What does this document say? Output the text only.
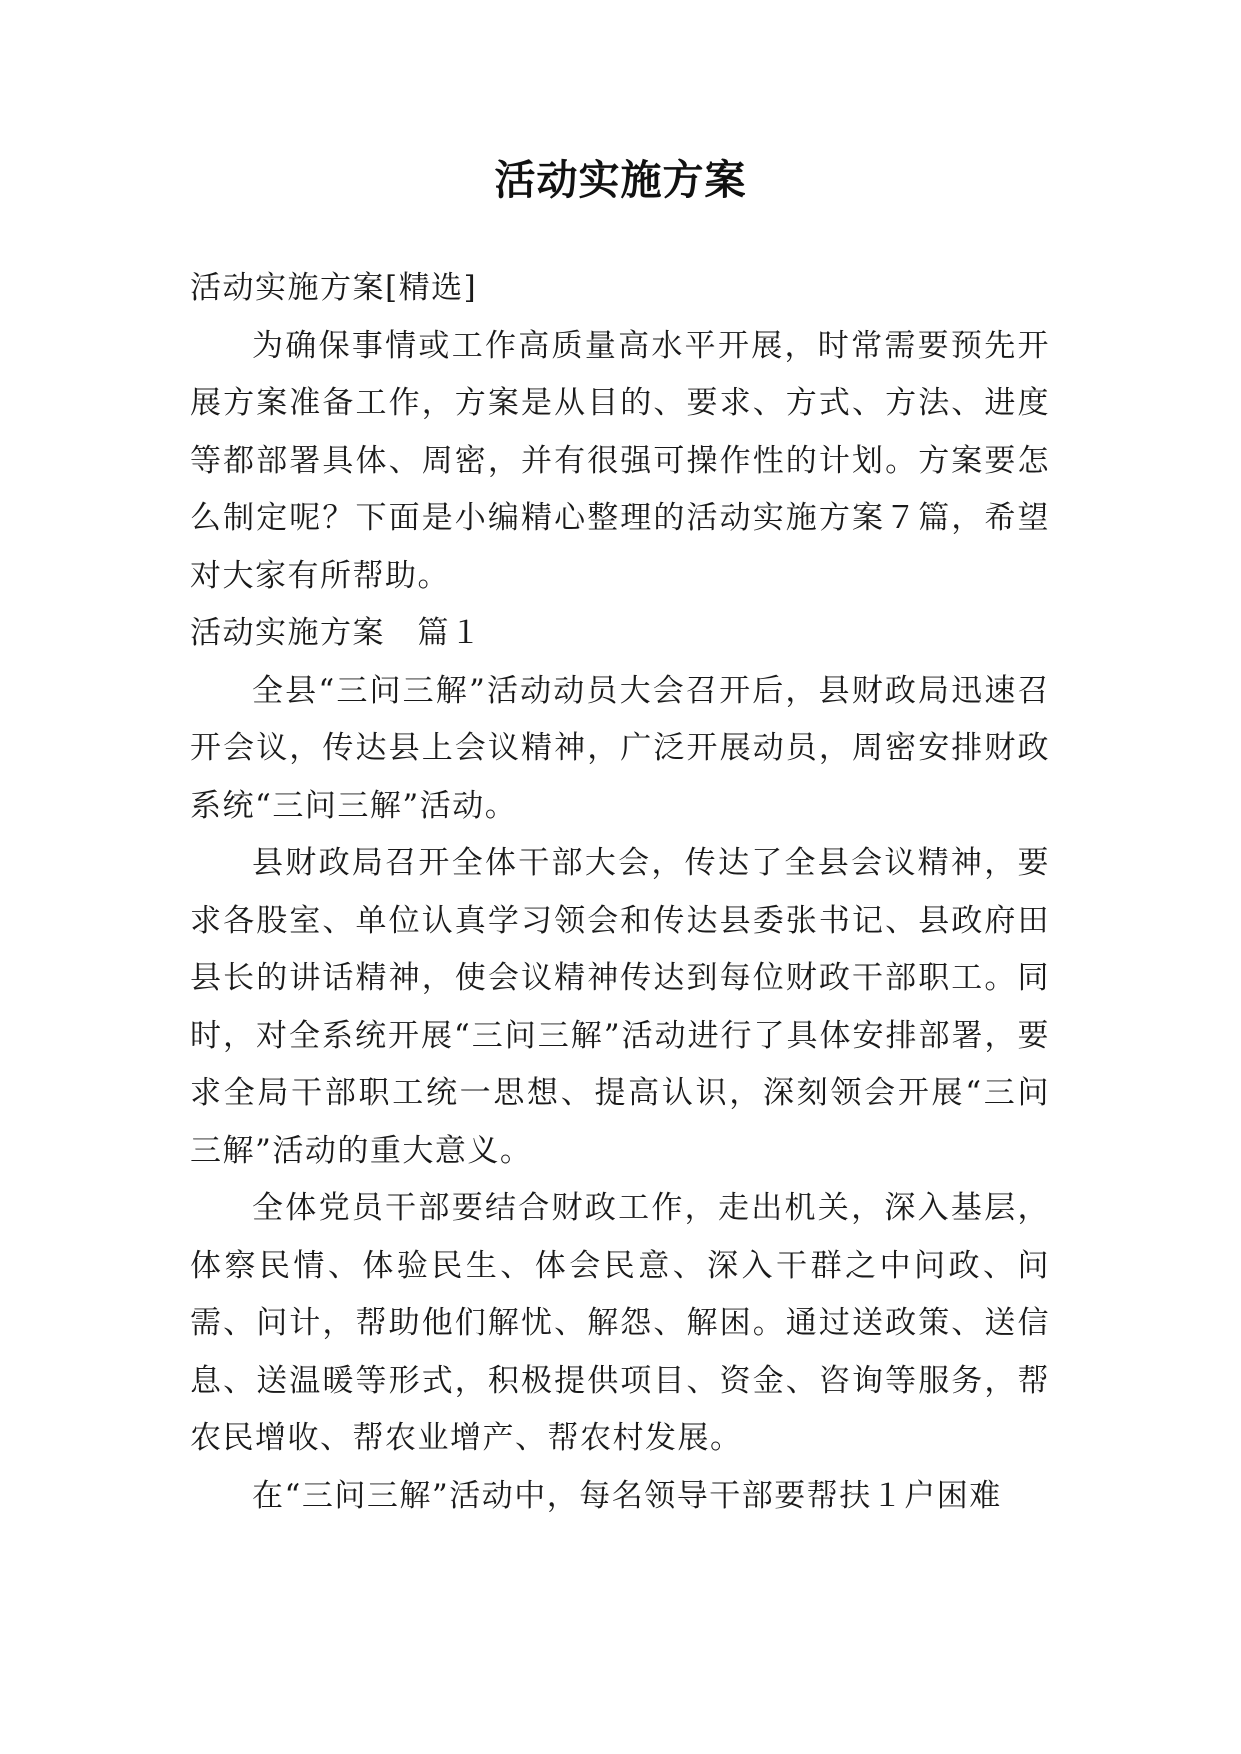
活动实施方案

活动实施方案[精选]

为确保事情或工作高质量高水平开展，时常需要预先开展方案准备工作，方案是从目的、要求、方式、方法、进度等都部署具体、周密，并有很强可操作性的计划。方案要怎么制定呢？下面是小编精心整理的活动实施方案７篇，希望对大家有所帮助。

活动实施方案　篇１

全县“三问三解”活动动员大会召开后，县财政局迅速召开会议，传达县上会议精神，广泛开展动员，周密安排财政系统“三问三解”活动。

县财政局召开全体干部大会，传达了全县会议精神，要求各股室、单位认真学习领会和传达县委张书记、县政府田县长的讲话精神，使会议精神传达到每位财政干部职工。同时，对全系统开展“三问三解”活动进行了具体安排部署，要求全局干部职工统一思想、提高认识，深刻领会开展“三问三解”活动的重大意义。

全体党员干部要结合财政工作，走出机关，深入基层，体察民情、体验民生、体会民意、深入干群之中问政、问需、问计，帮助他们解忧、解怨、解困。通过送政策、送信息、送温暖等形式，积极提供项目、资金、咨询等服务，帮农民增收、帮农业增产、帮农村发展。

在“三问三解”活动中，每名领导干部要帮扶１户困难
